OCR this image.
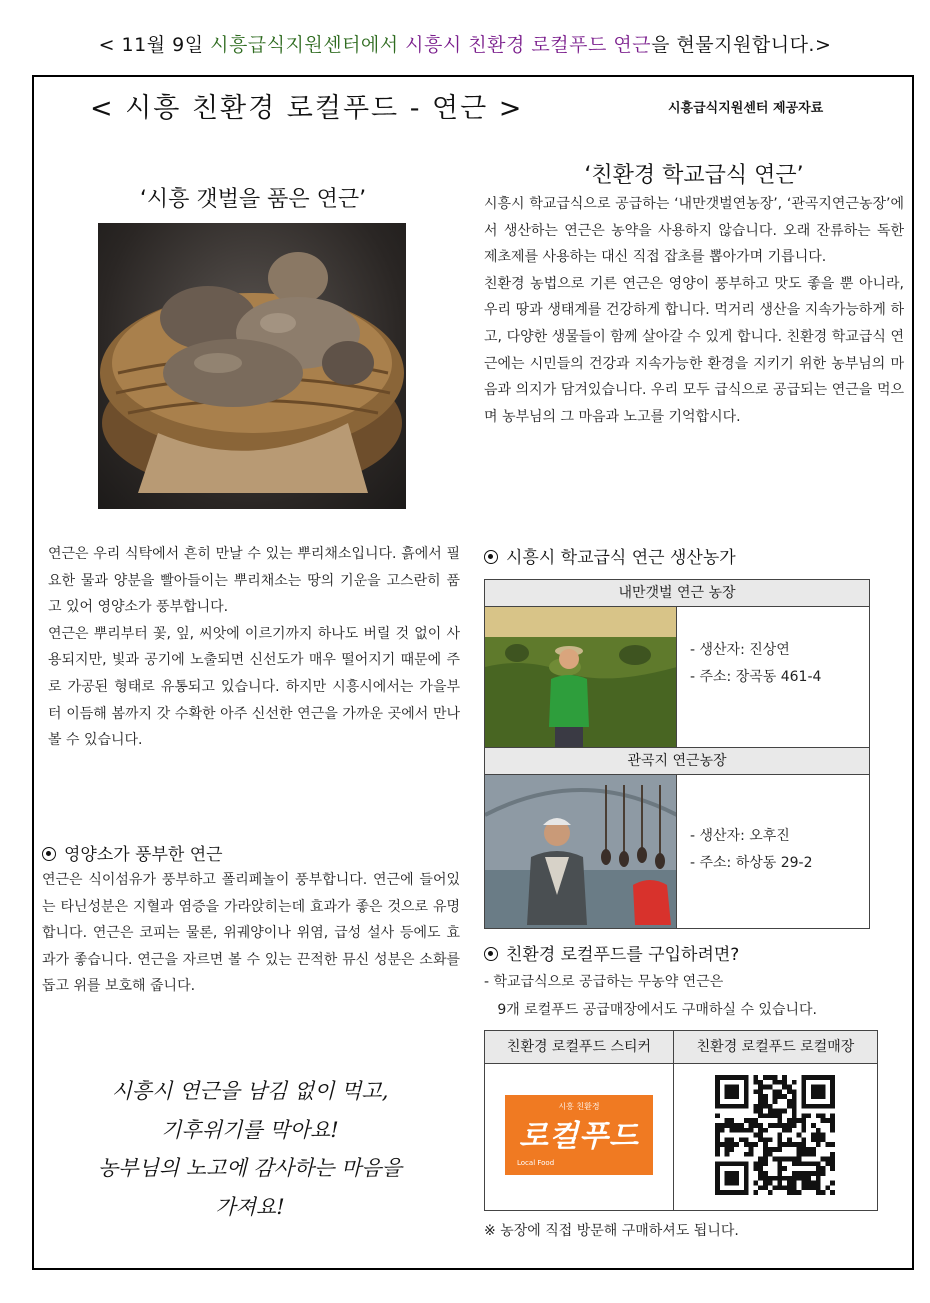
< 11월 9일 시흥급식지원센터에서 시흥시 친환경 로컬푸드 연근을 현물지원합니다.>
< 시흥 친환경 로컬푸드 - 연근 >	시흥급식지원센터 제공자료
‘시흥 갯벌을 품은 연근’

연근은 우리 식탁에서 흔히 만날 수 있는 뿌리채소입니다. 흙에서 필요한 물과 양분을 빨아들이는 뿌리채소는 땅의 기운을 고스란히 품고 있어 영양소가 풍부합니다.

연근은 뿌리부터 꽃, 잎, 씨앗에 이르기까지 하나도 버릴 것 없이 사용되지만, 빛과 공기에 노출되면 신선도가 매우 떨어지기 때문에 주로 가공된 형태로 유통되고 있습니다. 하지만 시흥시에서는 가을부터 이듬해 봄까지 갓 수확한 아주 신선한 연근을 가까운 곳에서 만나볼 수 있습니다.

영양소가 풍부한 연근
연근은 식이섬유가 풍부하고 폴리페놀이 풍부합니다. 연근에 들어있는 타닌성분은 지혈과 염증을 가라앉히는데 효과가 좋은 것으로 유명합니다. 연근은 코피는 물론, 위궤양이나 위염, 급성 설사 등에도 효과가 좋습니다. 연근을 자르면 볼 수 있는 끈적한 뮤신 성분은 소화를 돕고 위를 보호해 줍니다.
시흥시 연근을 남김 없이 먹고,
기후위기를 막아요!
농부님의 노고에 감사하는 마음을
가져요!
‘친환경 학교급식 연근’

시흥시 학교급식으로 공급하는 ‘내만갯벌연농장’, ‘관곡지연근농장’에서 생산하는 연근은 농약을 사용하지 않습니다. 오래 잔류하는 독한 제초제를 사용하는 대신 직접 잡초를 뽑아가며 기릅니다.

친환경 농법으로 기른 연근은 영양이 풍부하고 맛도 좋을 뿐 아니라, 우리 땅과 생태계를 건강하게 합니다. 먹거리 생산을 지속가능하게 하고, 다양한 생물들이 함께 살아갈 수 있게 합니다. 친환경 학교급식 연근에는 시민들의 건강과 지속가능한 환경을 지키기 위한 농부님의 마음과 의지가 담겨있습니다. 우리 모두 급식으로 공급되는 연근을 먹으며 농부님의 그 마음과 노고를 기억합시다.

시흥시 학교급식 연근 생산농가
내만갯벌 연근 농장
- 생산자: 진상연
- 주소: 장곡동 461-4
관곡지 연근농장
- 생산자: 오후진
- 주소: 하상동 29-2
친환경 로컬푸드를 구입하려면?
- 학교급식으로 공급하는 무농약 연근은
9개 로컬푸드 공급매장에서도 구매하실 수 있습니다.
친환경 로컬푸드 스티커	친환경 로컬푸드 로컬매장
시흥 친환경
로컬푸드
Local Food
※ 농장에 직접 방문해 구매하셔도 됩니다.
